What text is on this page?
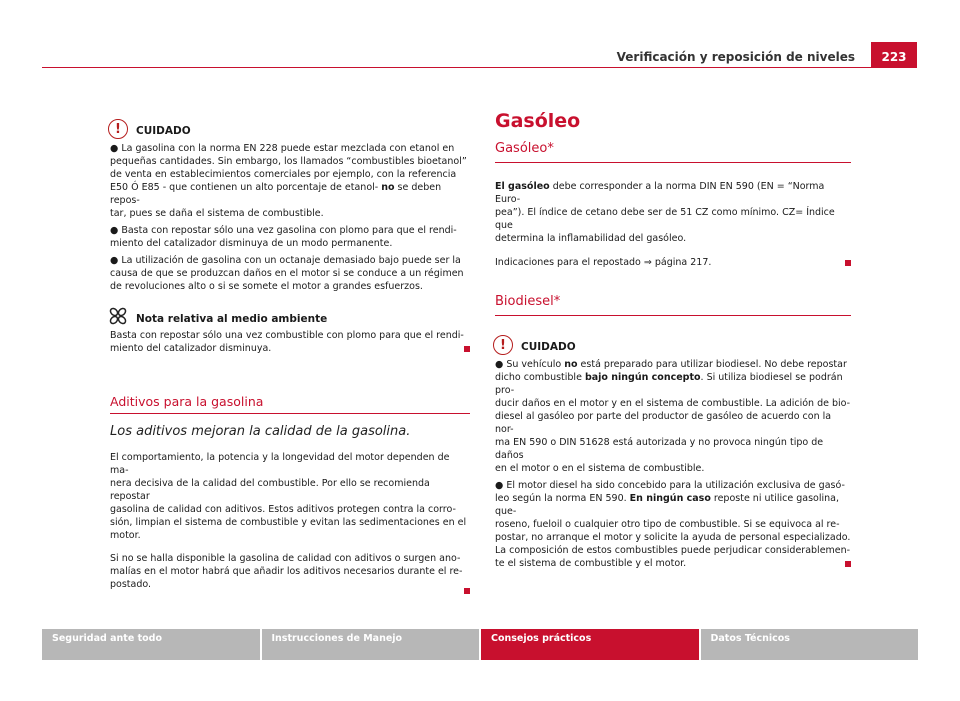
Verificación y reposición de niveles	223
!	CUIDADO

● La gasolina con la norma EN 228 puede estar mezclada con etanol en
pequeñas cantidades. Sin embargo, los llamados “combustibles bioetanol”
de venta en establecimientos comerciales por ejemplo, con la referencia
E50 Ó E85 - que contienen un alto porcentaje de etanol- no se deben repos-
tar, pues se daña el sistema de combustible.

● Basta con repostar sólo una vez gasolina con plomo para que el rendi-
miento del catalizador disminuya de un modo permanente.

● La utilización de gasolina con un octanaje demasiado bajo puede ser la
causa de que se produzcan daños en el motor si se conduce a un régimen
de revoluciones alto o si se somete el motor a grandes esfuerzos.

Nota relativa al medio ambiente

Basta con repostar sólo una vez combustible con plomo para que el rendi-
miento del catalizador disminuya.

Aditivos para la gasolina
Los aditivos mejoran la calidad de la gasolina.

El comportamiento, la potencia y la longevidad del motor dependen de ma-
nera decisiva de la calidad del combustible. Por ello se recomienda repostar
gasolina de calidad con aditivos. Estos aditivos protegen contra la corro-
sión, limpian el sistema de combustible y evitan las sedimentaciones en el
motor.

Si no se halla disponible la gasolina de calidad con aditivos o surgen ano-
malías en el motor habrá que añadir los aditivos necesarios durante el re-
postado.

Gasóleo
Gasóleo*

El gasóleo debe corresponder a la norma DIN EN 590 (EN = “Norma Euro-
pea”). El índice de cetano debe ser de 51 CZ como mínimo. CZ= Índice que
determina la inflamabilidad del gasóleo.

Indicaciones para el repostado ⇒ página 217.

Biodiesel*
!	CUIDADO

● Su vehículo no está preparado para utilizar biodiesel. No debe repostar
dicho combustible bajo ningún concepto. Si utiliza biodiesel se podrán pro-
ducir daños en el motor y en el sistema de combustible. La adición de bio-
diesel al gasóleo por parte del productor de gasóleo de acuerdo con la nor-
ma EN 590 o DIN 51628 está autorizada y no provoca ningún tipo de daños
en el motor o en el sistema de combustible.

● El motor diesel ha sido concebido para la utilización exclusiva de gasó-
leo según la norma EN 590. En ningún caso reposte ni utilice gasolina, que-
roseno, fueloil o cualquier otro tipo de combustible. Si se equivoca al re-
postar, no arranque el motor y solicite la ayuda de personal especializado.
La composición de estos combustibles puede perjudicar considerablemen-
te el sistema de combustible y el motor.

Seguridad ante todo	Instrucciones de Manejo	Consejos prácticos	Datos Técnicos
